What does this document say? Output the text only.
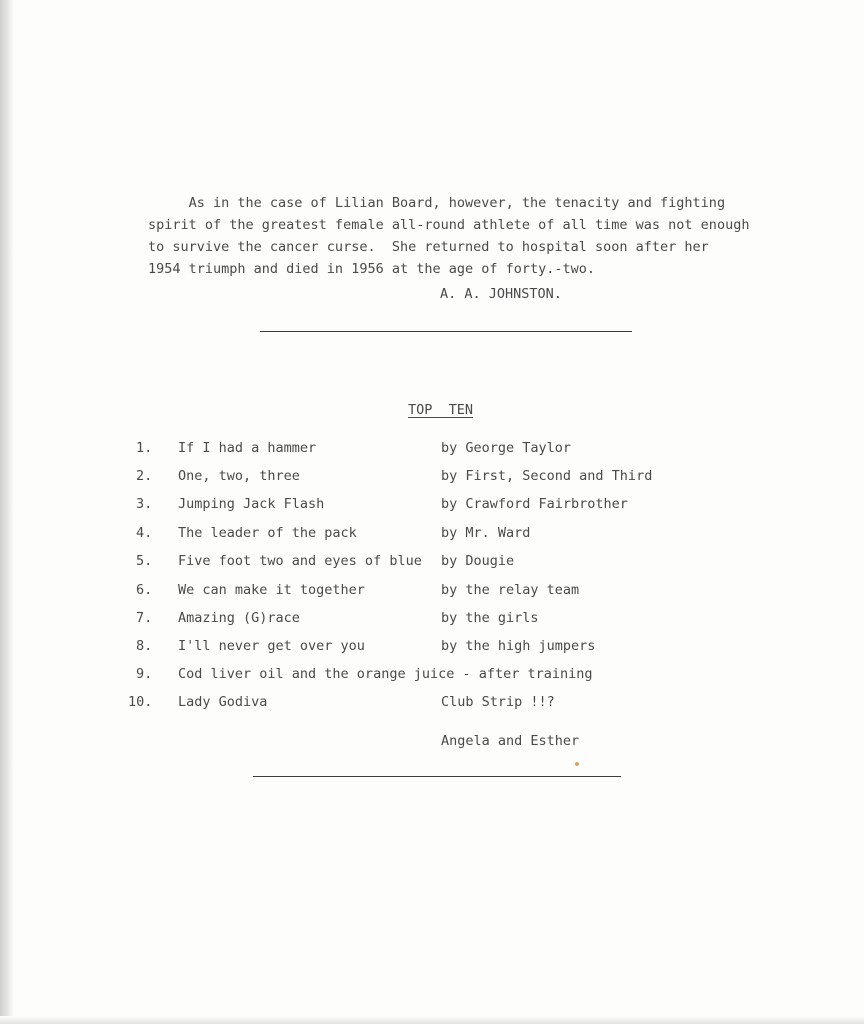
As in the case of Lilian Board, however, the tenacity and fighting
spirit of the greatest female all-round athlete of all time was not enough
to survive the cancer curse.  She returned to hospital soon after her
1954 triumph and died in 1956 at the age of forty.-two.
A. A. JOHNSTON.
TOP  TEN
1. If I had a hammer	by George Taylor
2. One, two, three	by First, Second and Third
3. Jumping Jack Flash	by Crawford Fairbrother
4. The leader of the pack	by Mr. Ward
5. Five foot two and eyes of blue by Dougie
6. We can make it together	by the relay team
7. Amazing (G)race	by the girls
8. I'll never get over you	by the high jumpers
9. Cod liver oil and the orange juice - after training
10. Lady Godiva	Club Strip !!?
Angela and Esther
